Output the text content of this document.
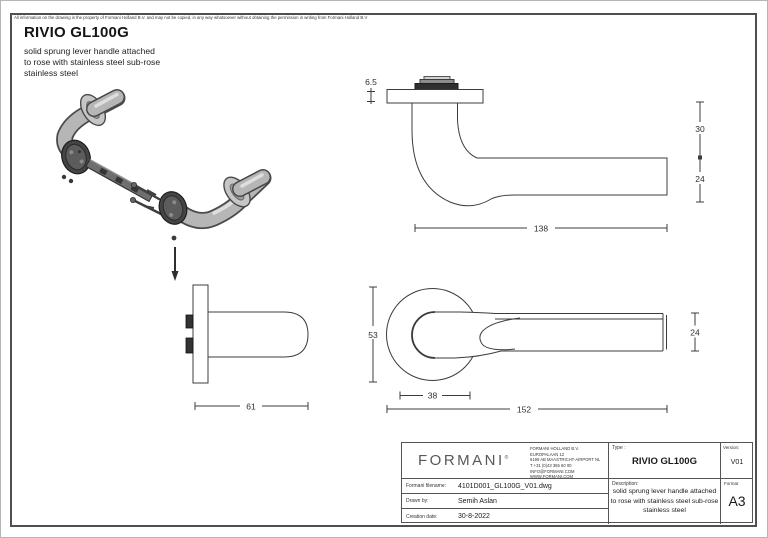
All information on the drawing is the property of Formani Holland B.V. and may not be copied, in any way whatsoever without obtaining the permission in writing from Formani Holland B.V
RIVIO GL100G
solid sprung lever handle attached
to rose with stainless steel sub-rose
stainless steel
6.5
30
24
138
61
53	24
38
152
FORMANI®
FORMANI HOLLAND B.V.
EUROPALAAN 12
6199 AB MAASTRICHT-AIRPORT NL
T +31 (0)43 365 60 00
INFO@FORMANI.COM
WWW.FORMANI.COM
Type :
RIVIO GL100G
Version:
V01
Formani filename:	4101D001_GL100G_V01.dwg
Drawn by:	Semih Aslan
Creation date:	30-8-2022
Description:
solid sprung lever handle attached
to rose with stainless steel sub-rose
stainless steel
Format
A3
